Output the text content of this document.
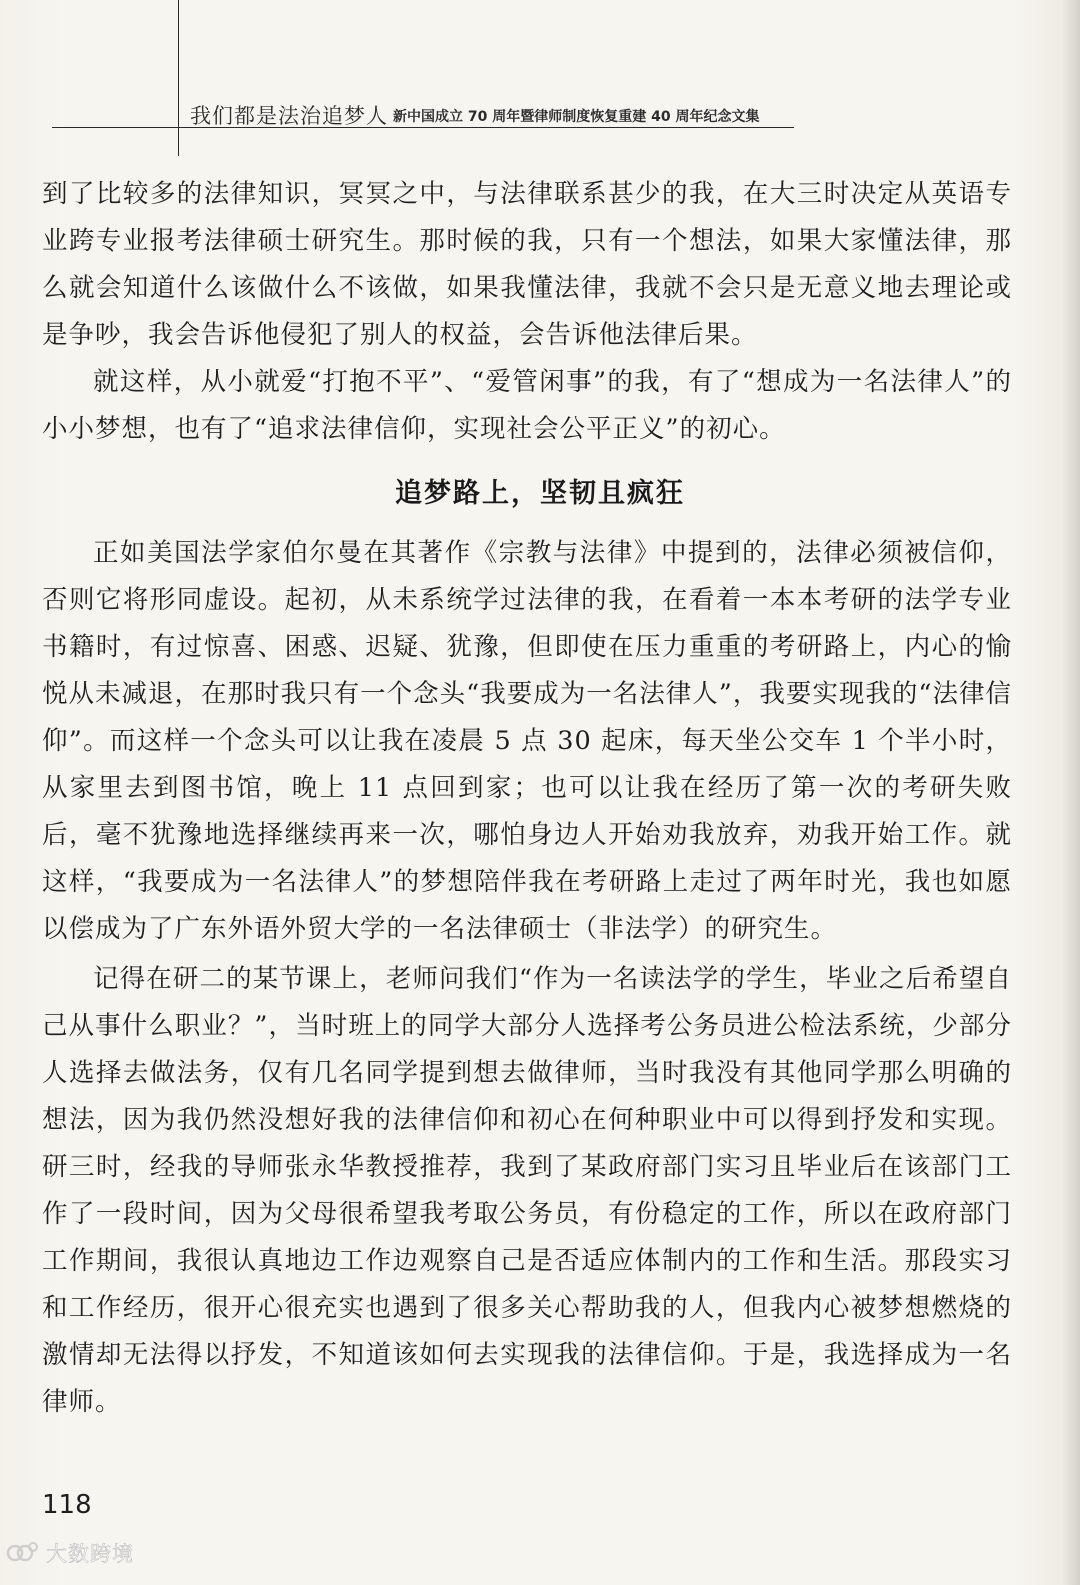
我们都是法治追梦人 新中国成立 70 周年暨律师制度恢复重建 40 周年纪念文集

到了比较多的法律知识，冥冥之中，与法律联系甚少的我，在大三时决定从英语专业跨专业报考法律硕士研究生。那时候的我，只有一个想法，如果大家懂法律，那么就会知道什么该做什么不该做，如果我懂法律，我就不会只是无意义地去理论或是争吵，我会告诉他侵犯了别人的权益，会告诉他法律后果。

就这样，从小就爱“打抱不平”、“爱管闲事”的我，有了“想成为一名法律人”的小小梦想，也有了“追求法律信仰，实现社会公平正义”的初心。

追梦路上，坚韧且疯狂

正如美国法学家伯尔曼在其著作《宗教与法律》中提到的，法律必须被信仰，否则它将形同虚设。起初，从未系统学过法律的我，在看着一本本考研的法学专业书籍时，有过惊喜、困惑、迟疑、犹豫，但即使在压力重重的考研路上，内心的愉悦从未减退，在那时我只有一个念头“我要成为一名法律人”，我要实现我的“法律信仰”。而这样一个念头可以让我在凌晨 5 点 30 起床，每天坐公交车 1 个半小时，从家里去到图书馆，晚上 11 点回到家；也可以让我在经历了第一次的考研失败后，毫不犹豫地选择继续再来一次，哪怕身边人开始劝我放弃，劝我开始工作。就这样，“我要成为一名法律人”的梦想陪伴我在考研路上走过了两年时光，我也如愿以偿成为了广东外语外贸大学的一名法律硕士（非法学）的研究生。

记得在研二的某节课上，老师问我们“作为一名读法学的学生，毕业之后希望自己从事什么职业？”，当时班上的同学大部分人选择考公务员进公检法系统，少部分人选择去做法务，仅有几名同学提到想去做律师，当时我没有其他同学那么明确的想法，因为我仍然没想好我的法律信仰和初心在何种职业中可以得到抒发和实现。研三时，经我的导师张永华教授推荐，我到了某政府部门实习且毕业后在该部门工作了一段时间，因为父母很希望我考取公务员，有份稳定的工作，所以在政府部门工作期间，我很认真地边工作边观察自己是否适应体制内的工作和生活。那段实习和工作经历，很开心很充实也遇到了很多关心帮助我的人，但我内心被梦想燃烧的激情却无法得以抒发，不知道该如何去实现我的法律信仰。于是，我选择成为一名律师。

118
大数跨境
